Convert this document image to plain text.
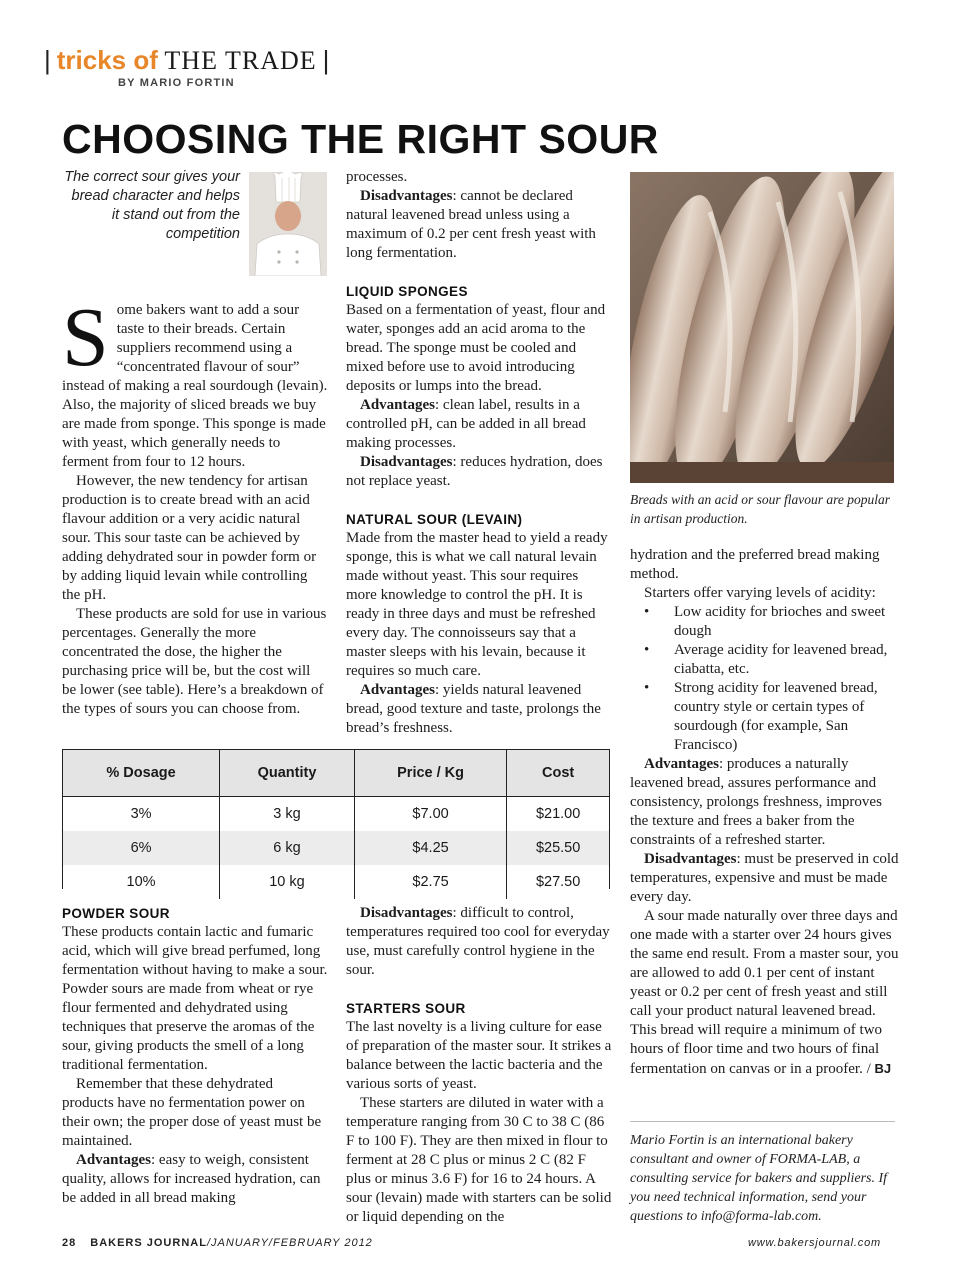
| tricks of THE TRADE |
BY MARIO FORTIN
CHOOSING THE RIGHT SOUR
The correct sour gives your bread character and helps it stand out from the competition

Some bakers want to add a sour taste to their breads. Certain suppliers recommend using a “concentrated flavour of sour” instead of making a real sourdough (levain). Also, the majority of sliced breads we buy are made from sponge. This sponge is made with yeast, which generally needs to ferment from four to 12 hours.

However, the new tendency for artisan production is to create bread with an acid flavour addition or a very acidic natural sour. This sour taste can be achieved by adding dehydrated sour in powder form or by adding liquid levain while controlling the pH.

These products are sold for use in various percentages. Generally the more concentrated the dose, the higher the purchasing price will be, but the cost will be lower (see table). Here’s a breakdown of the types of sours you can choose from.

processes.

Disadvantages: cannot be declared natural leavened bread unless using a maximum of 0.2 per cent fresh yeast with long fermentation.

LIQUID SPONGES

Based on a fermentation of yeast, flour and water, sponges add an acid aroma to the bread. The sponge must be cooled and mixed before use to avoid introducing deposits or lumps into the bread.

Advantages: clean label, results in a controlled pH, can be added in all bread making processes.

Disadvantages: reduces hydration, does not replace yeast.

NATURAL SOUR (LEVAIN)

Made from the master head to yield a ready sponge, this is what we call natural levain made without yeast. This sour requires more knowledge to control the pH. It is ready in three days and must be refreshed every day. The connoisseurs say that a master sleeps with his levain, because it requires so much care.

Advantages: yields natural leavened bread, good texture and taste, prolongs the bread’s freshness.

% Dosage	Quantity	Price / Kg	Cost
3%	3 kg	$7.00	$21.00
6%	6 kg	$4.25	$25.50
10%	10 kg	$2.75	$27.50
POWDER SOUR

These products contain lactic and fumaric acid, which will give bread perfumed, long fermentation without having to make a sour. Powder sours are made from wheat or rye flour fermented and dehydrated using techniques that preserve the aromas of the sour, giving products the smell of a long traditional fermentation.

Remember that these dehydrated products have no fermentation power on their own; the proper dose of yeast must be maintained.

Advantages: easy to weigh, consistent quality, allows for increased hydration, can be added in all bread making

Disadvantages: difficult to control, temperatures required too cool for everyday use, must carefully control hygiene in the sour.

STARTERS SOUR

The last novelty is a living culture for ease of preparation of the master sour. It strikes a balance between the lactic bacteria and the various sorts of yeast.

These starters are diluted in water with a temperature ranging from 30 C to 38 C (86 F to 100 F). They are then mixed in flour to ferment at 28 C plus or minus 2 C (82 F plus or minus 3.6 F) for 16 to 24 hours. A sour (levain) made with starters can be solid or liquid depending on the

Breads with an acid or sour flavour are popular in artisan production.

hydration and the preferred bread making method.

Starters offer varying levels of acidity:

• Low acidity for brioches and sweet dough
• Average acidity for leavened bread, ciabatta, etc.
• Strong acidity for leavened bread, country style or certain types of sourdough (for example, San Francisco)

Advantages: produces a naturally leavened bread, assures performance and consistency, prolongs freshness, improves the texture and frees a baker from the constraints of a refreshed starter.

Disadvantages: must be preserved in cold temperatures, expensive and must be made every day.

A sour made naturally over three days and one made with a starter over 24 hours gives the same end result. From a master sour, you are allowed to add 0.1 per cent of instant yeast or 0.2 per cent of fresh yeast and still call your product natural leavened bread. This bread will require a minimum of two hours of floor time and two hours of final fermentation on canvas or in a proofer. / BJ

Mario Fortin is an international bakery consultant and owner of FORMA-LAB, a consulting service for bakers and suppliers. If you need technical information, send your questions to info@forma-lab.com.
28 BAKERS JOURNAL/JANUARY/FEBRUARY 2012	www.bakersjournal.com
